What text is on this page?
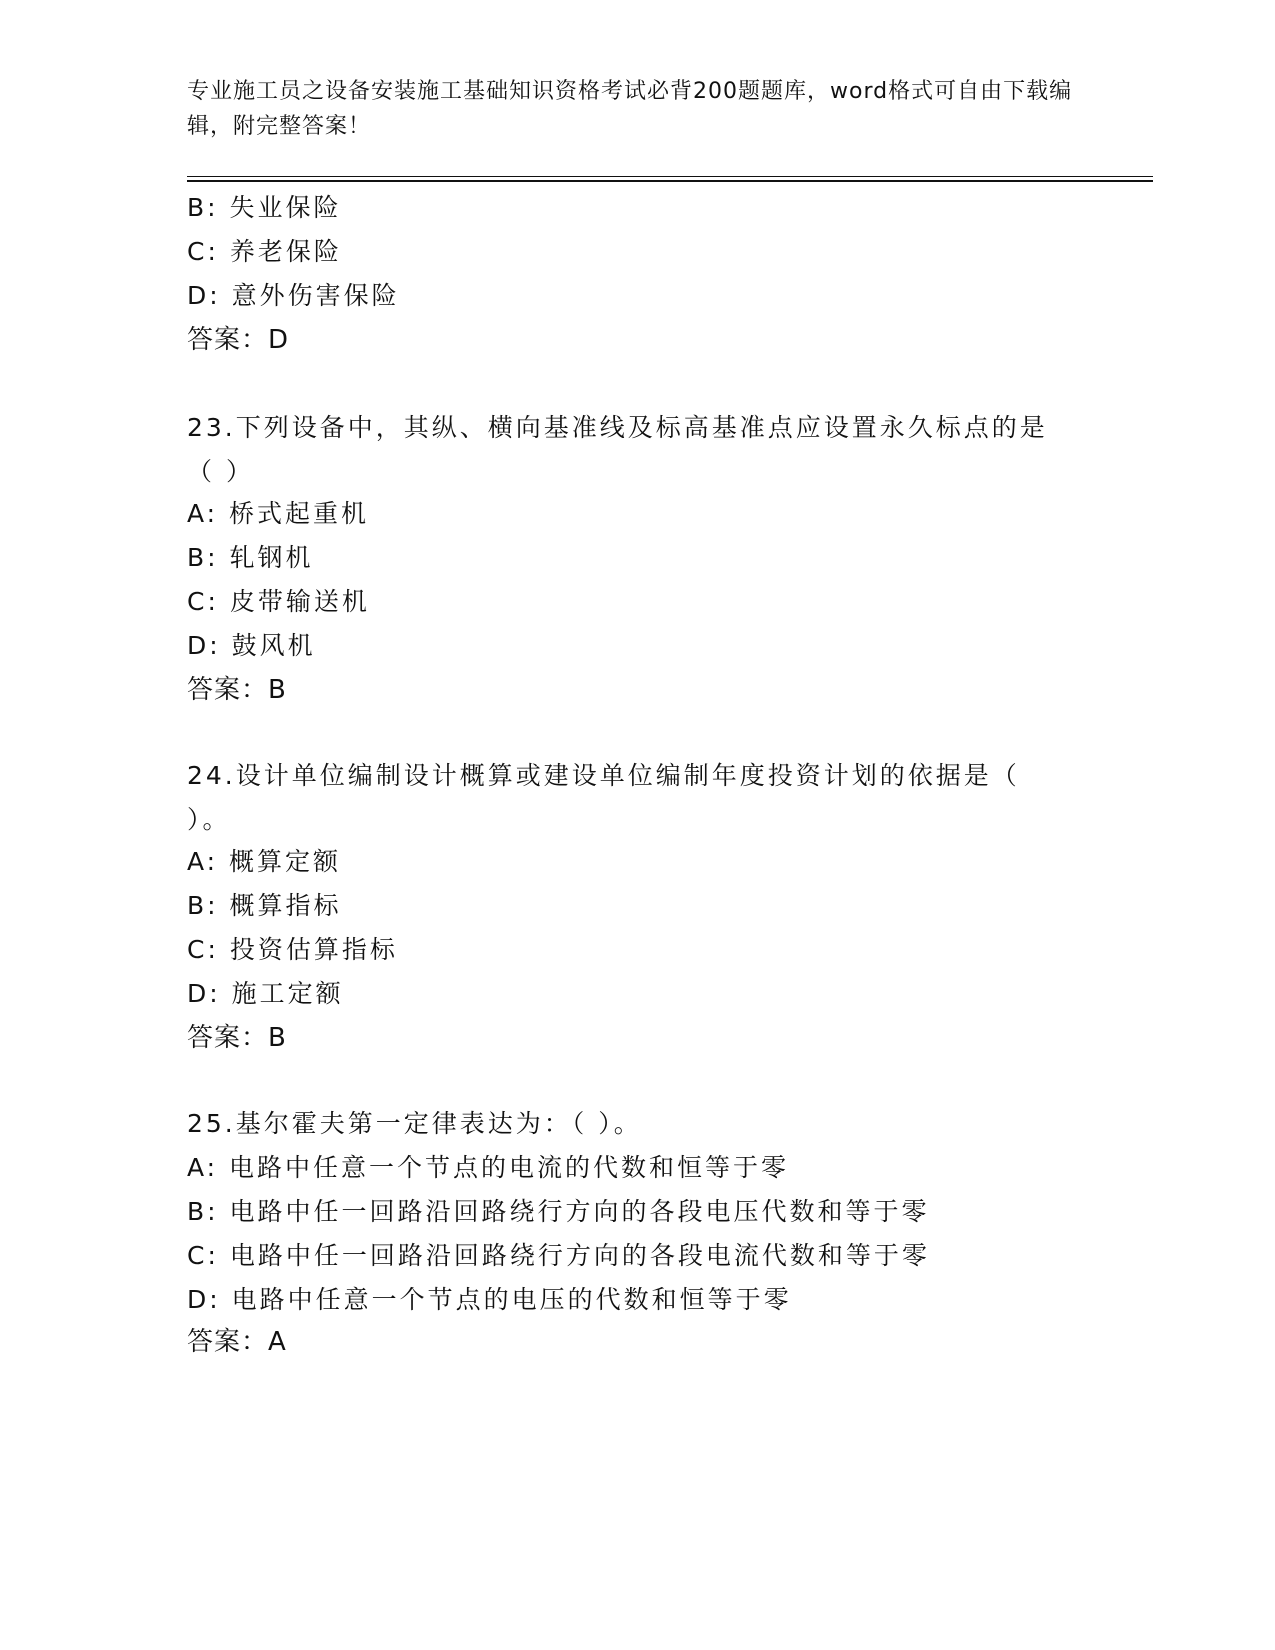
专业施工员之设备安装施工基础知识资格考试必背200题题库，word格式可自由下载编辑，附完整答案！
B: 失业保险
C: 养老保险
D: 意外伤害保险
答案：D
23.下列设备中，其纵、横向基准线及标高基准点应设置永久标点的是
（ ）
A: 桥式起重机
B: 轧钢机
C: 皮带输送机
D: 鼓风机
答案：B
24.设计单位编制设计概算或建设单位编制年度投资计划的依据是（
）。
A: 概算定额
B: 概算指标
C: 投资估算指标
D: 施工定额
答案：B
25.基尔霍夫第一定律表达为：（ ）。
A: 电路中任意一个节点的电流的代数和恒等于零
B: 电路中任一回路沿回路绕行方向的各段电压代数和等于零
C: 电路中任一回路沿回路绕行方向的各段电流代数和等于零
D: 电路中任意一个节点的电压的代数和恒等于零
答案：A
